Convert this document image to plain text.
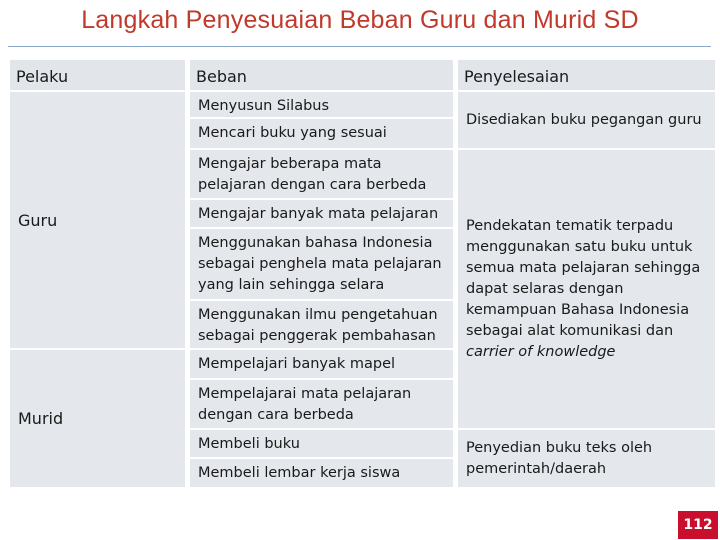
Langkah Penyesuaian Beban Guru dan Murid SD
Pelaku	Beban	Penyelesaian
Guru
Murid
Menyusun Silabus
Mencari buku yang sesuai
Mengajar beberapa mata pelajaran dengan cara berbeda
Mengajar banyak mata pelajaran
Menggunakan bahasa Indonesia sebagai penghela mata pelajaran yang lain sehingga selara
Menggunakan ilmu pengetahuan sebagai penggerak pembahasan
Mempelajari banyak mapel
Mempelajarai mata pelajaran dengan cara berbeda
Membeli buku
Membeli lembar kerja siswa
Disediakan buku pegangan guru
Pendekatan tematik terpadu menggunakan satu buku untuk semua mata pelajaran sehingga dapat selaras dengan kemampuan Bahasa Indonesia sebagai alat komunikasi dan carrier of knowledge
Penyedian buku teks oleh pemerintah/daerah
112
